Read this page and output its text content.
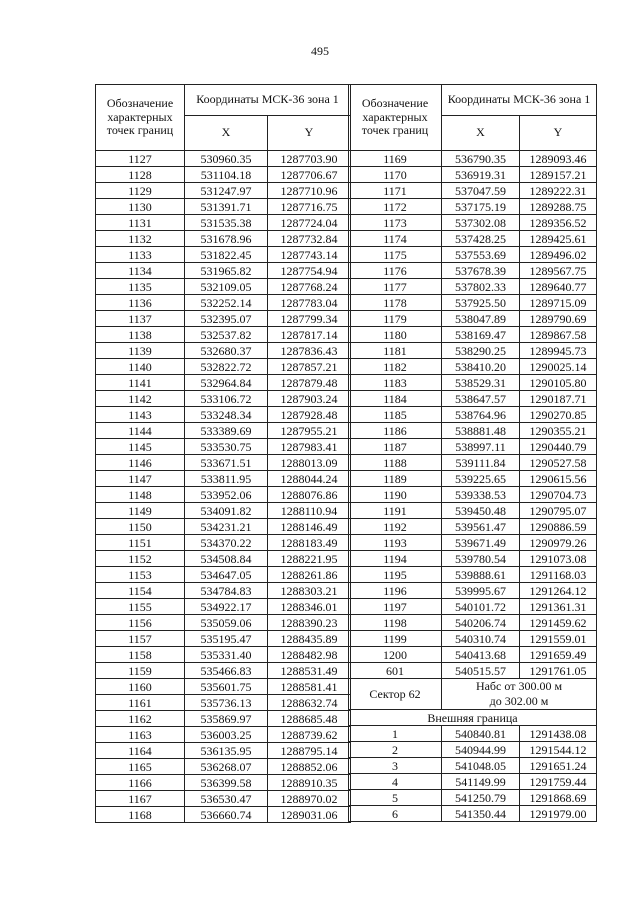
495
Обозначение характерных точек границ	Координаты МСК-36 зона 1	
	X	Y
1127	530960.35	1287703.90
1128	531104.18	1287706.67
1129	531247.97	1287710.96
1130	531391.71	1287716.75
1131	531535.38	1287724.04
1132	531678.96	1287732.84
1133	531822.45	1287743.14
1134	531965.82	1287754.94
1135	532109.05	1287768.24
1136	532252.14	1287783.04
1137	532395.07	1287799.34
1138	532537.82	1287817.14
1139	532680.37	1287836.43
1140	532822.72	1287857.21
1141	532964.84	1287879.48
1142	533106.72	1287903.24
1143	533248.34	1287928.48
1144	533389.69	1287955.21
1145	533530.75	1287983.41
1146	533671.51	1288013.09
1147	533811.95	1288044.24
1148	533952.06	1288076.86
1149	534091.82	1288110.94
1150	534231.21	1288146.49
1151	534370.22	1288183.49
1152	534508.84	1288221.95
1153	534647.05	1288261.86
1154	534784.83	1288303.21
1155	534922.17	1288346.01
1156	535059.06	1288390.23
1157	535195.47	1288435.89
1158	535331.40	1288482.98
1159	535466.83	1288531.49
1160	535601.75	1288581.41
1161	535736.13	1288632.74
1162	535869.97	1288685.48
1163	536003.25	1288739.62
1164	536135.95	1288795.14
1165	536268.07	1288852.06
1166	536399.58	1288910.35
1167	536530.47	1288970.02
1168	536660.74	1289031.06
Обозначение характерных точек границ	Координаты МСК-36 зона 1	
	X	Y
1169	536790.35	1289093.46
1170	536919.31	1289157.21
1171	537047.59	1289222.31
1172	537175.19	1289288.75
1173	537302.08	1289356.52
1174	537428.25	1289425.61
1175	537553.69	1289496.02
1176	537678.39	1289567.75
1177	537802.33	1289640.77
1178	537925.50	1289715.09
1179	538047.89	1289790.69
1180	538169.47	1289867.58
1181	538290.25	1289945.73
1182	538410.20	1290025.14
1183	538529.31	1290105.80
1184	538647.57	1290187.71
1185	538764.96	1290270.85
1186	538881.48	1290355.21
1187	538997.11	1290440.79
1188	539111.84	1290527.58
1189	539225.65	1290615.56
1190	539338.53	1290704.73
1191	539450.48	1290795.07
1192	539561.47	1290886.59
1193	539671.49	1290979.26
1194	539780.54	1291073.08
1195	539888.61	1291168.03
1196	539995.67	1291264.12
1197	540101.72	1291361.31
1198	540206.74	1291459.62
1199	540310.74	1291559.01
1200	540413.68	1291659.49
601	540515.57	1291761.05
Сектор 62	Набс от 300.00 м
до 302.00 м	

Внешняя граница		
1	540840.81	1291438.08
2	540944.99	1291544.12
3	541048.05	1291651.24
4	541149.99	1291759.44
5	541250.79	1291868.69
6	541350.44	1291979.00
